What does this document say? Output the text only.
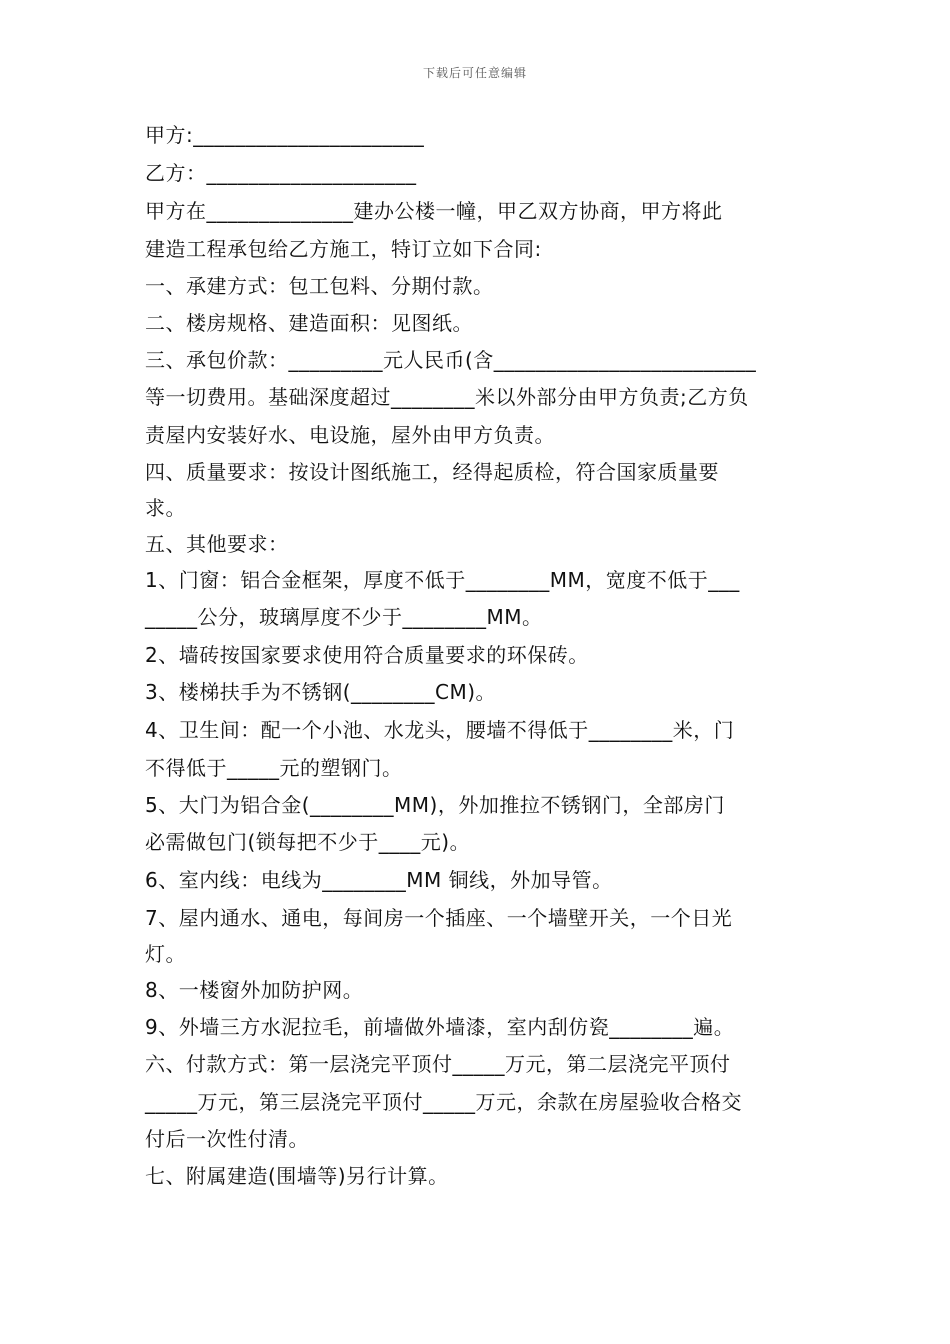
下载后可任意编辑
甲方:______________________
乙方：____________________
甲方在______________建办公楼一幢，甲乙双方协商，甲方将此
建造工程承包给乙方施工，特订立如下合同:
一、承建方式：包工包料、分期付款。
二、楼房规格、建造面积：见图纸。
三、承包价款：_________元人民币(含_________________________
等一切费用。基础深度超过________米以外部分由甲方负责;乙方负
责屋内安装好水、电设施，屋外由甲方负责。
四、质量要求：按设计图纸施工，经得起质检，符合国家质量要
求。
五、其他要求：
1、门窗：铝合金框架，厚度不低于________MM，宽度不低于___
_____公分，玻璃厚度不少于________MM。
2、墙砖按国家要求使用符合质量要求的环保砖。
3、楼梯扶手为不锈钢(________CM)。
4、卫生间：配一个小池、水龙头，腰墙不得低于________米，门
不得低于_____元的塑钢门。
5、大门为铝合金(________MM)，外加推拉不锈钢门，全部房门
必需做包门(锁每把不少于____元)。
6、室内线：电线为________MM 铜线，外加导管。
7、屋内通水、通电，每间房一个插座、一个墙壁开关，一个日光
灯。
8、一楼窗外加防护网。
9、外墙三方水泥拉毛，前墙做外墙漆，室内刮仿瓷________遍。
六、付款方式：第一层浇完平顶付_____万元，第二层浇完平顶付
_____万元，第三层浇完平顶付_____万元，余款在房屋验收合格交
付后一次性付清。
七、附属建造(围墙等)另行计算。
